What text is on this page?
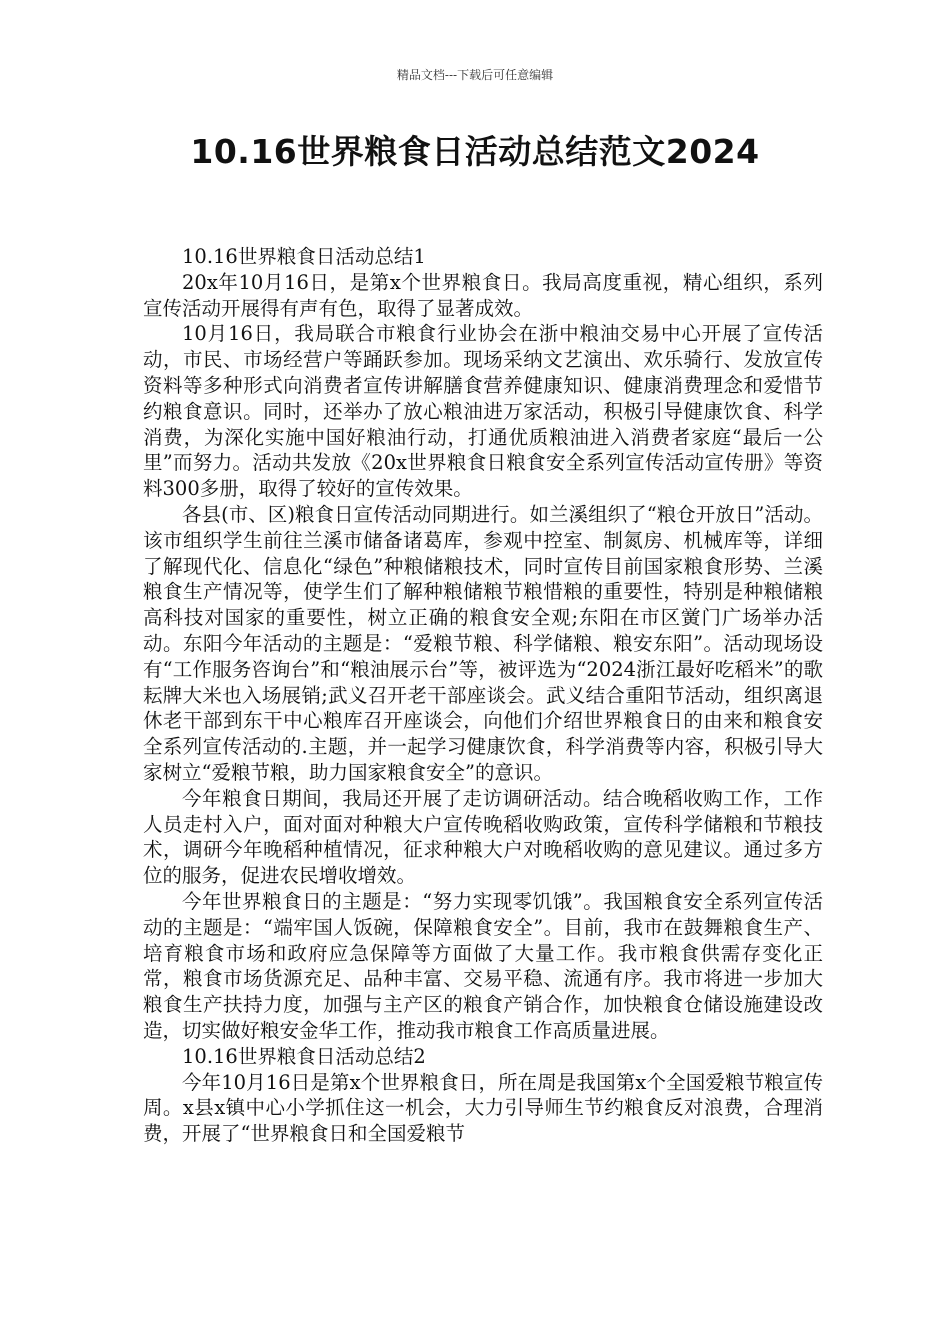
精品文档---下载后可任意编辑
10.16世界粮食日活动总结范文2024

10.16世界粮食日活动总结1

20x年10月16日，是第x个世界粮食日。我局高度重视，精心组织，系列宣传活动开展得有声有色，取得了显著成效。

10月16日，我局联合市粮食行业协会在浙中粮油交易中心开展了宣传活动，市民、市场经营户等踊跃参加。现场采纳文艺演出、欢乐骑行、发放宣传资料等多种形式向消费者宣传讲解膳食营养健康知识、健康消费理念和爱惜节约粮食意识。同时，还举办了放心粮油进万家活动，积极引导健康饮食、科学消费，为深化实施中国好粮油行动，打通优质粮油进入消费者家庭“最后一公里”而努力。活动共发放《20x世界粮食日粮食安全系列宣传活动宣传册》等资料300多册，取得了较好的宣传效果。

各县(市、区)粮食日宣传活动同期进行。如兰溪组织了“粮仓开放日”活动。该市组织学生前往兰溪市储备诸葛库，参观中控室、制氮房、机械库等，详细了解现代化、信息化“绿色”种粮储粮技术，同时宣传目前国家粮食形势、兰溪粮食生产情况等，使学生们了解种粮储粮节粮惜粮的重要性，特别是种粮储粮高科技对国家的重要性，树立正确的粮食安全观;东阳在市区黉门广场举办活动。东阳今年活动的主题是：“爱粮节粮、科学储粮、粮安东阳”。活动现场设有“工作服务咨询台”和“粮油展示台”等，被评选为“2024浙江最好吃稻米”的歌耘牌大米也入场展销;武义召开老干部座谈会。武义结合重阳节活动，组织离退休老干部到东干中心粮库召开座谈会，向他们介绍世界粮食日的由来和粮食安全系列宣传活动的.主题，并一起学习健康饮食，科学消费等内容，积极引导大家树立“爱粮节粮，助力国家粮食安全”的意识。

今年粮食日期间，我局还开展了走访调研活动。结合晚稻收购工作，工作人员走村入户，面对面对种粮大户宣传晚稻收购政策，宣传科学储粮和节粮技术，调研今年晚稻种植情况，征求种粮大户对晚稻收购的意见建议。通过多方位的服务，促进农民增收增效。

今年世界粮食日的主题是：“努力实现零饥饿”。我国粮食安全系列宣传活动的主题是：“端牢国人饭碗，保障粮食安全”。目前，我市在鼓舞粮食生产、培育粮食市场和政府应急保障等方面做了大量工作。我市粮食供需存变化正常，粮食市场货源充足、品种丰富、交易平稳、流通有序。我市将进一步加大粮食生产扶持力度，加强与主产区的粮食产销合作，加快粮食仓储设施建设改造，切实做好粮安金华工作，推动我市粮食工作高质量进展。

10.16世界粮食日活动总结2

今年10月16日是第x个世界粮食日，所在周是我国第x个全国爱粮节粮宣传周。x县x镇中心小学抓住这一机会，大力引导师生节约粮食反对浪费，合理消费，开展了“世界粮食日和全国爱粮节
